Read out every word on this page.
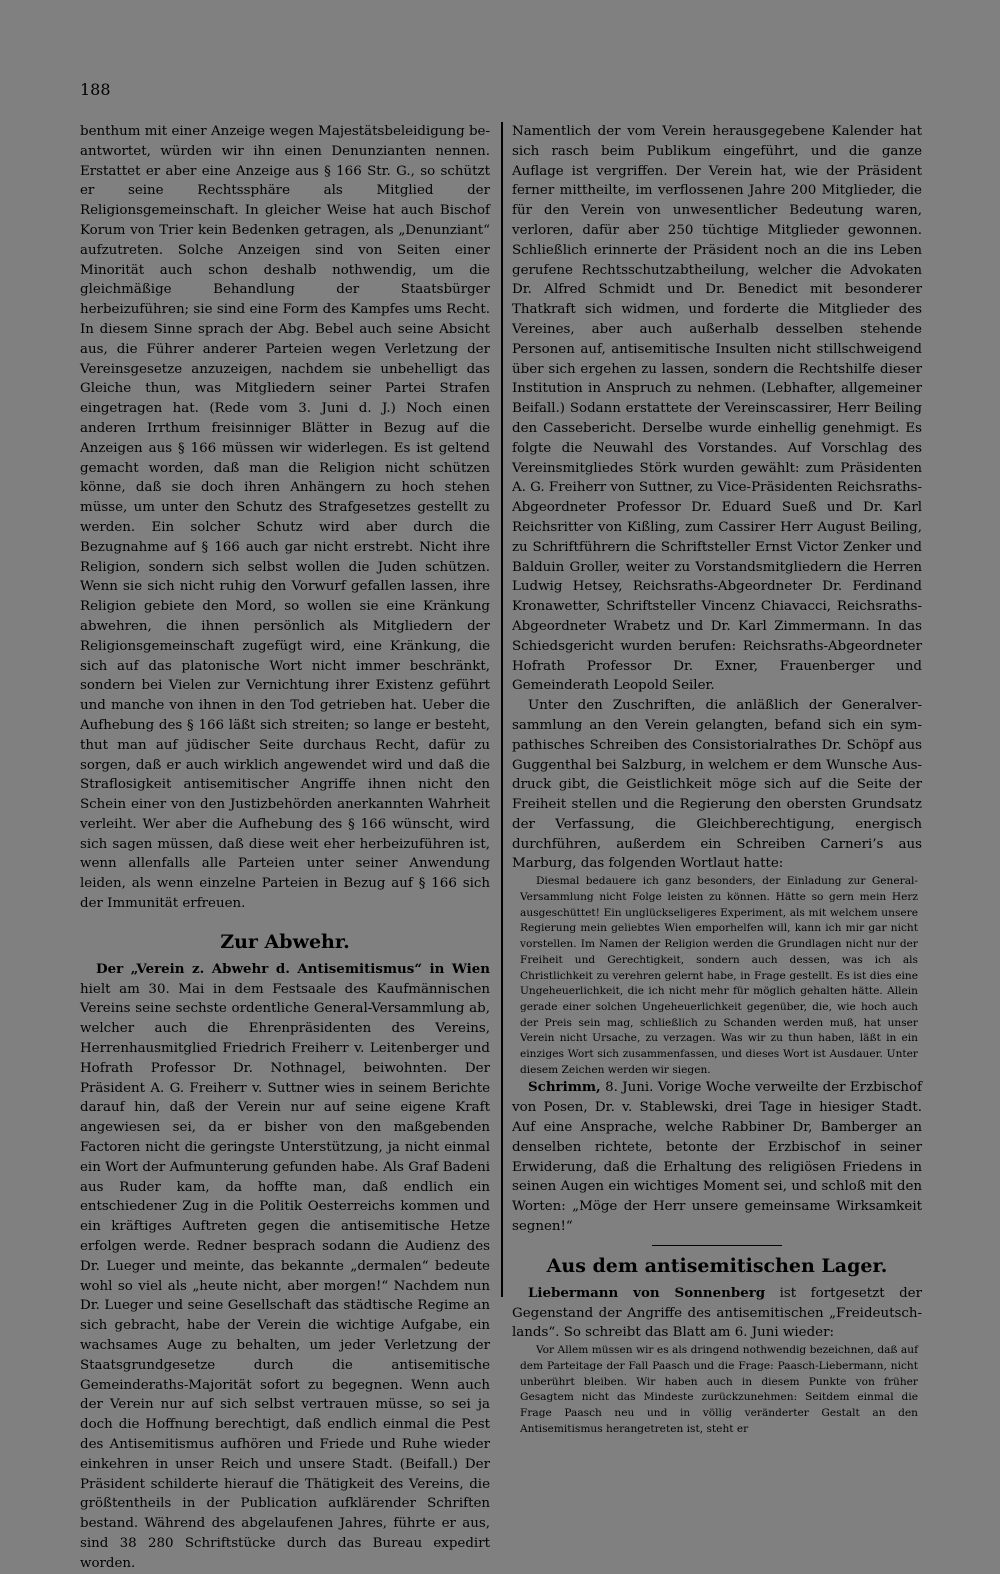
188

benthum mit einer Anzeige wegen Majestätsbeleidigung beantwortet, würden wir ihn einen Denunzianten nennen. Erstattet er aber eine Anzeige aus § 166 Str. G., so schützt er seine Rechtssphäre als Mitglied der Religionsgemeinschaft. In gleicher Weise hat auch Bischof Korum von Trier kein Bedenken getragen, als „Denunziant“ aufzutreten. Solche Anzeigen sind von Seiten einer Minorität auch schon deshalb nothwendig, um die gleichmäßige Behandlung der Staatsbürger herbeizuführen; sie sind eine Form des Kampfes ums Recht. In diesem Sinne sprach der Abg. Bebel auch seine Absicht aus, die Führer anderer Parteien wegen Verletzung der Vereinsgesetze anzuzeigen, nachdem sie unbehelligt das Gleiche thun, was Mitgliedern seiner Partei Strafen eingetragen hat. (Rede vom 3. Juni d. J.) Noch einen anderen Irrthum freisinniger Blätter in Bezug auf die Anzeigen aus § 166 müssen wir widerlegen. Es ist geltend gemacht worden, daß man die Religion nicht schützen könne, daß sie doch ihren Anhängern zu hoch stehen müsse, um unter den Schutz des Strafgesetzes gestellt zu werden. Ein solcher Schutz wird aber durch die Bezugnahme auf § 166 auch gar nicht erstrebt. Nicht ihre Religion, sondern sich selbst wollen die Juden schützen. Wenn sie sich nicht ruhig den Vorwurf gefallen lassen, ihre Religion gebiete den Mord, so wollen sie eine Kränkung abwehren, die ihnen persönlich als Mitgliedern der Religionsgemeinschaft zugefügt wird, eine Kränkung, die sich auf das platonische Wort nicht immer beschränkt, sondern bei Vielen zur Vernichtung ihrer Existenz geführt und manche von ihnen in den Tod getrieben hat. Ueber die Aufhebung des § 166 läßt sich streiten; so lange er besteht, thut man auf jüdischer Seite durchaus Recht, dafür zu sorgen, daß er auch wirklich angewendet wird und daß die Straflosigkeit antisemitischer Angriffe ihnen nicht den Schein einer von den Justizbehörden anerkannten Wahrheit verleiht. Wer aber die Aufhebung des § 166 wünscht, wird sich sagen müssen, daß diese weit eher herbeizuführen ist, wenn allenfalls alle Parteien unter seiner Anwendung leiden, als wenn einzelne Parteien in Bezug auf § 166 sich der Immunität erfreuen.

Zur Abwehr.

Der „Verein z. Abwehr d. Antisemitismus“ in Wien hielt am 30. Mai in dem Festsaale des Kaufmännischen Vereins seine sechste ordentliche General-Versammlung ab, welcher auch die Ehrenpräsidenten des Vereins, Herrenhausmitglied Friedrich Freiherr v. Leitenberger und Hofrath Professor Dr. Nothnagel, beiwohnten. Der Präsident A. G. Freiherr v. Suttner wies in seinem Berichte darauf hin, daß der Verein nur auf seine eigene Kraft angewiesen sei, da er bisher von den maßgebenden Factoren nicht die geringste Unterstützung, ja nicht einmal ein Wort der Aufmunterung gefunden habe. Als Graf Badeni aus Ruder kam, da hoffte man, daß endlich ein entschiedener Zug in die Politik Oesterreichs kommen und ein kräftiges Auftreten gegen die antisemitische Hetze erfolgen werde. Redner besprach sodann die Audienz des Dr. Lueger und meinte, das bekannte „dermalen“ bedeute wohl so viel als „heute nicht, aber morgen!“ Nachdem nun Dr. Lueger und seine Gesellschaft das städtische Regime an sich gebracht, habe der Verein die wichtige Aufgabe, ein wachsames Auge zu behalten, um jeder Verletzung der Staatsgrundgesetze durch die antisemitische Gemeinderaths-Majorität sofort zu begegnen. Wenn auch der Verein nur auf sich selbst vertrauen müsse, so sei ja doch die Hoffnung berechtigt, daß endlich einmal die Pest des Antisemitismus aufhören und Friede und Ruhe wieder einkehren in unser Reich und unsere Stadt. (Beifall.) Der Präsident schilderte hierauf die Thätigkeit des Vereins, die größtentheils in der Publication aufklärender Schriften bestand. Während des abgelaufenen Jahres, führte er aus, sind 38 280 Schriftstücke durch das Bureau expedirt worden.

Namentlich der vom Verein herausgegebene Kalender hat sich rasch beim Publikum eingeführt, und die ganze Auflage ist vergriffen. Der Verein hat, wie der Präsident ferner mittheilte, im verflossenen Jahre 200 Mitglieder, die für den Verein von unwesentlicher Bedeutung waren, verloren, dafür aber 250 tüchtige Mitglieder gewonnen. Schließlich erinnerte der Präsident noch an die ins Leben gerufene Rechtsschutzabtheilung, welcher die Advokaten Dr. Alfred Schmidt und Dr. Benedict mit besonderer Thatkraft sich widmen, und forderte die Mitglieder des Vereines, aber auch außerhalb desselben stehende Personen auf, antisemitische Insulten nicht stillschweigend über sich ergehen zu lassen, sondern die Rechtshilfe dieser Institution in Anspruch zu nehmen. (Lebhafter, allgemeiner Beifall.) Sodann erstattete der Vereinscassirer, Herr Beiling den Cassebericht. Derselbe wurde einhellig genehmigt. Es folgte die Neuwahl des Vorstandes. Auf Vorschlag des Vereinsmitgliedes Störk wurden gewählt: zum Präsidenten A. G. Freiherr von Suttner, zu Vice-Präsidenten Reichsraths-Abgeordneter Professor Dr. Eduard Sueß und Dr. Karl Reichsritter von Kißling, zum Cassirer Herr August Beiling, zu Schriftführern die Schriftsteller Ernst Victor Zenker und Balduin Groller, weiter zu Vorstandsmitgliedern die Herren Ludwig Hetsey, Reichsraths-Abgeordneter Dr. Ferdinand Kronawetter, Schriftsteller Vincenz Chiavacci, Reichsraths-Abgeordneter Wrabetz und Dr. Karl Zimmermann. In das Schiedsgericht wurden berufen: Reichsraths-Abgeordneter Hofrath Professor Dr. Exner, Frauenberger und Gemeinderath Leopold Seiler.

Unter den Zuschriften, die anläßlich der Generalversammlung an den Verein gelangten, befand sich ein sympathisches Schreiben des Consistorialrathes Dr. Schöpf aus Guggenthal bei Salzburg, in welchem er dem Wunsche Ausdruck gibt, die Geistlichkeit möge sich auf die Seite der Freiheit stellen und die Regierung den obersten Grundsatz der Verfassung, die Gleichberechtigung, energisch durchführen, außerdem ein Schreiben Carneri’s aus Marburg, das folgenden Wortlaut hatte:

Diesmal bedauere ich ganz besonders, der Einladung zur General-Versammlung nicht Folge leisten zu können. Hätte so gern mein Herz ausgeschüttet! Ein unglückseligeres Experiment, als mit welchem unsere Regierung mein geliebtes Wien emporhelfen will, kann ich mir gar nicht vorstellen. Im Namen der Religion werden die Grundlagen nicht nur der Freiheit und Gerechtigkeit, sondern auch dessen, was ich als Christlichkeit zu verehren gelernt habe, in Frage gestellt. Es ist dies eine Ungeheuerlichkeit, die ich nicht mehr für möglich gehalten hätte. Allein gerade einer solchen Ungeheuerlichkeit gegenüber, die, wie hoch auch der Preis sein mag, schließlich zu Schanden werden muß, hat unser Verein nicht Ursache, zu verzagen. Was wir zu thun haben, läßt in ein einziges Wort sich zusammenfassen, und dieses Wort ist Ausdauer. Unter diesem Zeichen werden wir siegen.

Schrimm, 8. Juni. Vorige Woche verweilte der Erzbischof von Posen, Dr. v. Stablewski, drei Tage in hiesiger Stadt. Auf eine Ansprache, welche Rabbiner Dr, Bamberger an denselben richtete, betonte der Erzbischof in seiner Erwiderung, daß die Erhaltung des religiösen Friedens in seinen Augen ein wichtiges Moment sei, und schloß mit den Worten: „Möge der Herr unsere gemeinsame Wirksamkeit segnen!“

Aus dem antisemitischen Lager.

Liebermann von Sonnenberg ist fortgesetzt der Gegenstand der Angriffe des antisemitischen „Freideutschlands“. So schreibt das Blatt am 6. Juni wieder:

Vor Allem müssen wir es als dringend nothwendig bezeichnen, daß auf dem Parteitage der Fall Paasch und die Frage: Paasch-Liebermann, nicht unberührt bleiben. Wir haben auch in diesem Punkte von früher Gesagtem nicht das Mindeste zurückzunehmen: Seitdem einmal die Frage Paasch neu und in völlig veränderter Gestalt an den Antisemitismus herangetreten ist, steht er
